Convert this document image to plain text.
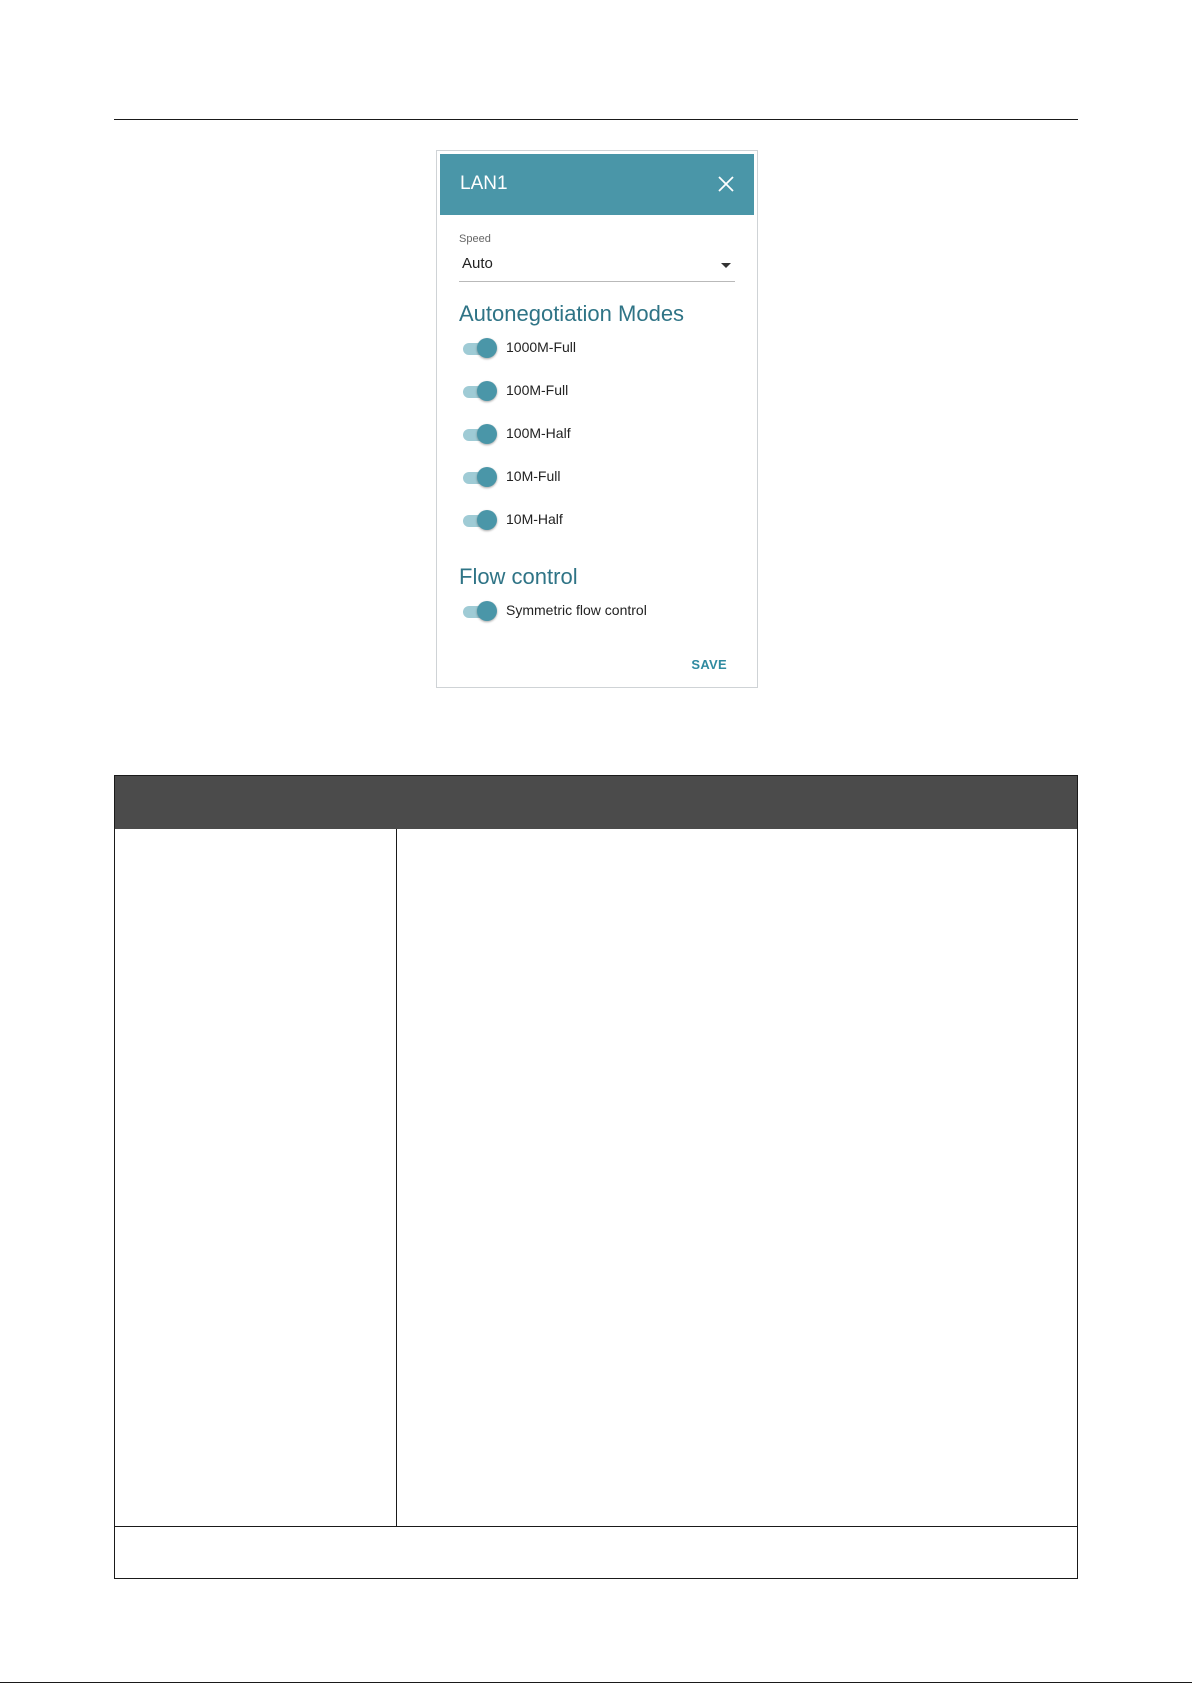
LAN1
Speed
Auto
Autonegotiation Modes
1000M-Full
100M-Full
100M-Half
10M-Full
10M-Half
Flow control
Symmetric flow control
SAVE
